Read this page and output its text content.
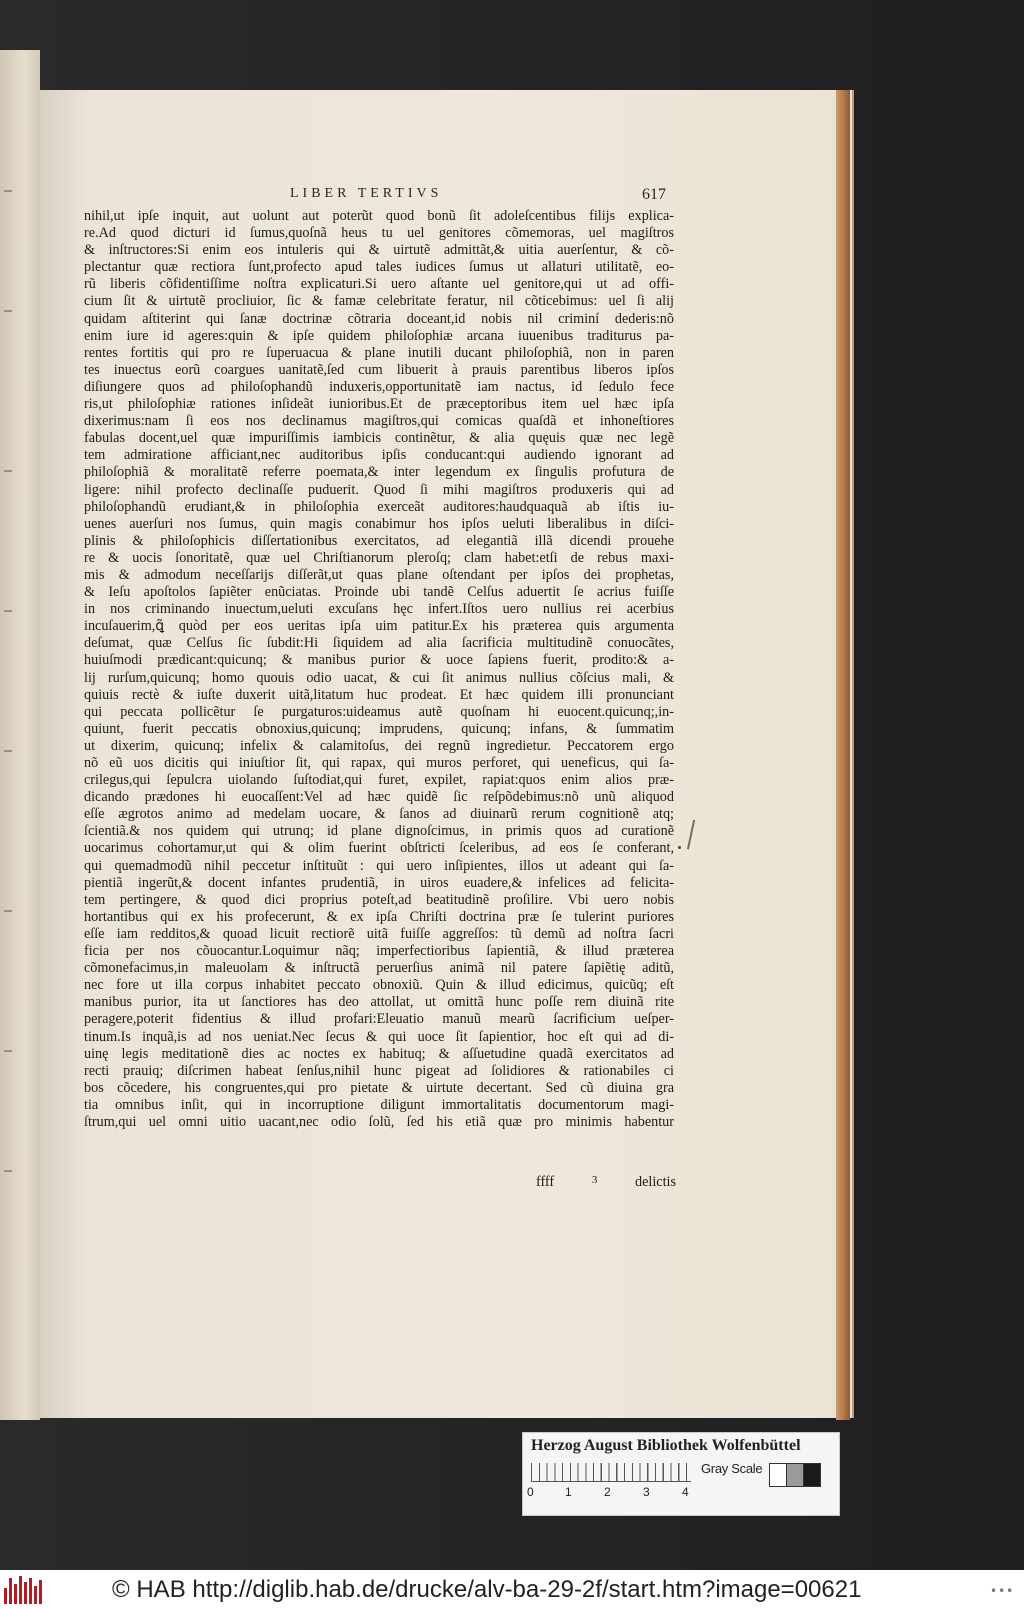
LIBER TERTIVS	617
nihil,ut ipſe inquit, aut uolunt aut poterũt quod bonũ ſit adoleſcentibus filijs explica-
re.Ad quod dicturi id ſumus,quoſnã heus tu uel genitores cõmemoras, uel magiſtros
& inſtructores:Si enim eos intuleris qui & uirtutẽ admittãt,& uitia auerſentur, & cõ-
plectantur quæ rectiora ſunt,profecto apud tales iudices ſumus ut allaturi utilitatẽ, eo-
rũ liberis cõfidentiſſime noſtra explicaturi.Si uero aſtante uel genitore,qui ut ad offi-
cium ſit & uirtutẽ procliuior, ſic & famæ celebritate feratur, nil cõticebimus: uel ſi alij
quidam aſtiterint qui ſanæ doctrinæ cõtraria doceant,id nobis nil criminí dederis:nõ
enim iure id ageres:quin & ipſe quidem philoſophiæ arcana iuuenibus traditurus pa-
rentes fortitis qui pro re ſuperuacua & plane inutili ducant philoſophiã, non in paren
tes inuectus eorũ coargues uanitatẽ,ſed cum libuerit à prauis parentibus liberos ipſos
diſiungere quos ad philoſophandũ induxeris,opportunitatẽ iam nactus, id ſedulo fece
ris,ut philoſophiæ rationes inſideãt iunioribus.Et de præceptoribus item uel hæc ipſa
dixerimus:nam ſi eos nos declinamus magiſtros,qui comicas quaſdã et inhoneſtiores
fabulas docent,uel quæ impuriſſimis iambicis continẽtur, & alia quęuis quæ nec legẽ
tem admiratione afficiant,nec auditoribus ipſis conducant:qui audiendo ignorant ad
philoſophiã & moralitatẽ referre poemata,& inter legendum ex ſingulis profutura de
ligere: nihil profecto declinaſſe puduerit. Quod ſi mihi magiſtros produxeris qui ad
philoſophandũ erudiant,& in philoſophia exerceãt auditores:haudquaquã ab iſtis iu-
uenes auerſuri nos ſumus, quin magis conabimur hos ipſos ueluti liberalibus in diſci-
plinis & philoſophicis diſſertationibus exercitatos, ad elegantiã illã dicendi prouehe
re & uocis ſonoritatẽ, quæ uel Chriſtianorum pleroſq; clam habet:etſi de rebus maxi-
mis & admodum neceſſarijs diſſerãt,ut quas plane oſtendant per ipſos dei prophetas,
& Ieſu apoſtolos ſapiẽter enũciatas. Proinde ubi tandẽ Celſus aduertit ſe acrius fuiſſe
in nos criminando inuectum,ueluti excuſans hęc infert.Iſtos uero nullius rei acerbius
incuſauerim,ꝗ̃ quòd per eos ueritas ipſa uim patitur.Ex his præterea quis argumenta
deſumat, quæ Celſus ſic ſubdit:Hi ſiquidem ad alia ſacrificia multitudinẽ conuocãtes,
huiuſmodi prædicant:quicunq; & manibus purior & uoce ſapiens fuerit, prodito:& a-
lij rurſum,quicunq; homo quouis odio uacat, & cui ſit animus nullius cõſcius mali, &
quiuis rectè & iuſte duxerit uitã,litatum huc prodeat. Et hæc quidem illi pronunciant
qui peccata pollicẽtur ſe purgaturos:uideamus autẽ quoſnam hi euocent.quicunq;,in-
quiunt, fuerit peccatis obnoxius,quicunq; imprudens, quicunq; infans, & ſummatim
ut dixerim, quicunq; infelix & calamitoſus, dei regnũ ingredietur. Peccatorem ergo
nõ eũ uos dicitis qui iniuſtior ſit, qui rapax, qui muros perforet, qui ueneficus, qui ſa-
crilegus,qui ſepulcra uiolando ſuſtodiat,qui furet, expilet, rapiat:quos enim alios præ-
dicando prædones hi euocaſſent:Vel ad hæc quidẽ ſic reſpõdebimus:nõ unũ aliquod
eſſe ægrotos animo ad medelam uocare, & ſanos ad diuinarũ rerum cognitionẽ atq;
ſcientiã.& nos quidem qui utrunq; id plane dignoſcimus, in primis quos ad curationẽ
uocarimus cohortamur,ut qui & olim fuerint obſtricti ſceleribus, ad eos ſe conferant,
qui quemadmodũ nihil peccetur inſtituũt : qui uero inſipientes, illos ut adeant qui ſa-
pientiã ingerũt,& docent infantes prudentiã, in uiros euadere,& infelices ad felicita-
tem pertingere, & quod dici proprius poteſt,ad beatitudinẽ proſilire. Vbi uero nobis
hortantibus qui ex his profecerunt, & ex ipſa Chriſti doctrina præ ſe tulerint puriores
eſſe iam redditos,& quoad licuit rectiorẽ uitã fuiſſe aggreſſos: tũ demũ ad noſtra ſacri
ficia per nos cõuocantur.Loquimur nãq; imperfectioribus ſapientiã, & illud præterea
cõmonefacimus,in maleuolam & inſtructã peruerſius animã nil patere ſapiẽtię aditũ,
nec fore ut illa corpus inhabitet peccato obnoxiũ. Quin & illud edicimus, quicũq; eſt
manibus purior, ita ut ſanctiores has deo attollat, ut omittã hunc poſſe rem diuinã rite
peragere,poterit fidentius & illud profari:Eleuatio manuũ mearũ ſacrificium ueſper-
tinum.Is inquã,is ad nos ueniat.Nec ſecus & qui uoce ſit ſapientior, hoc eſt qui ad di-
uinę legis meditationẽ dies ac noctes ex habituq; & aſſuetudine quadã exercitatos ad
recti prauiq; diſcrimen habeat ſenſus,nihil hunc pigeat ad ſolidiores & rationabiles ci
bos cõcedere, his congruentes,qui pro pietate & uirtute decertant. Sed cũ diuina gra
tia omnibus inſit, qui in incorruptione diligunt immortalitatis documentorum magi-
ſtrum,qui uel omni uitio uacant,nec odio ſolũ, ſed his etiã quæ pro minimis habentur
ffff	3	delictis
Herzog August Bibliothek Wolfenbüttel
0	1	2	3	4
Gray Scale
© HAB http://diglib.hab.de/drucke/alv-ba-29-2f/start.htm?image=00621	•••
